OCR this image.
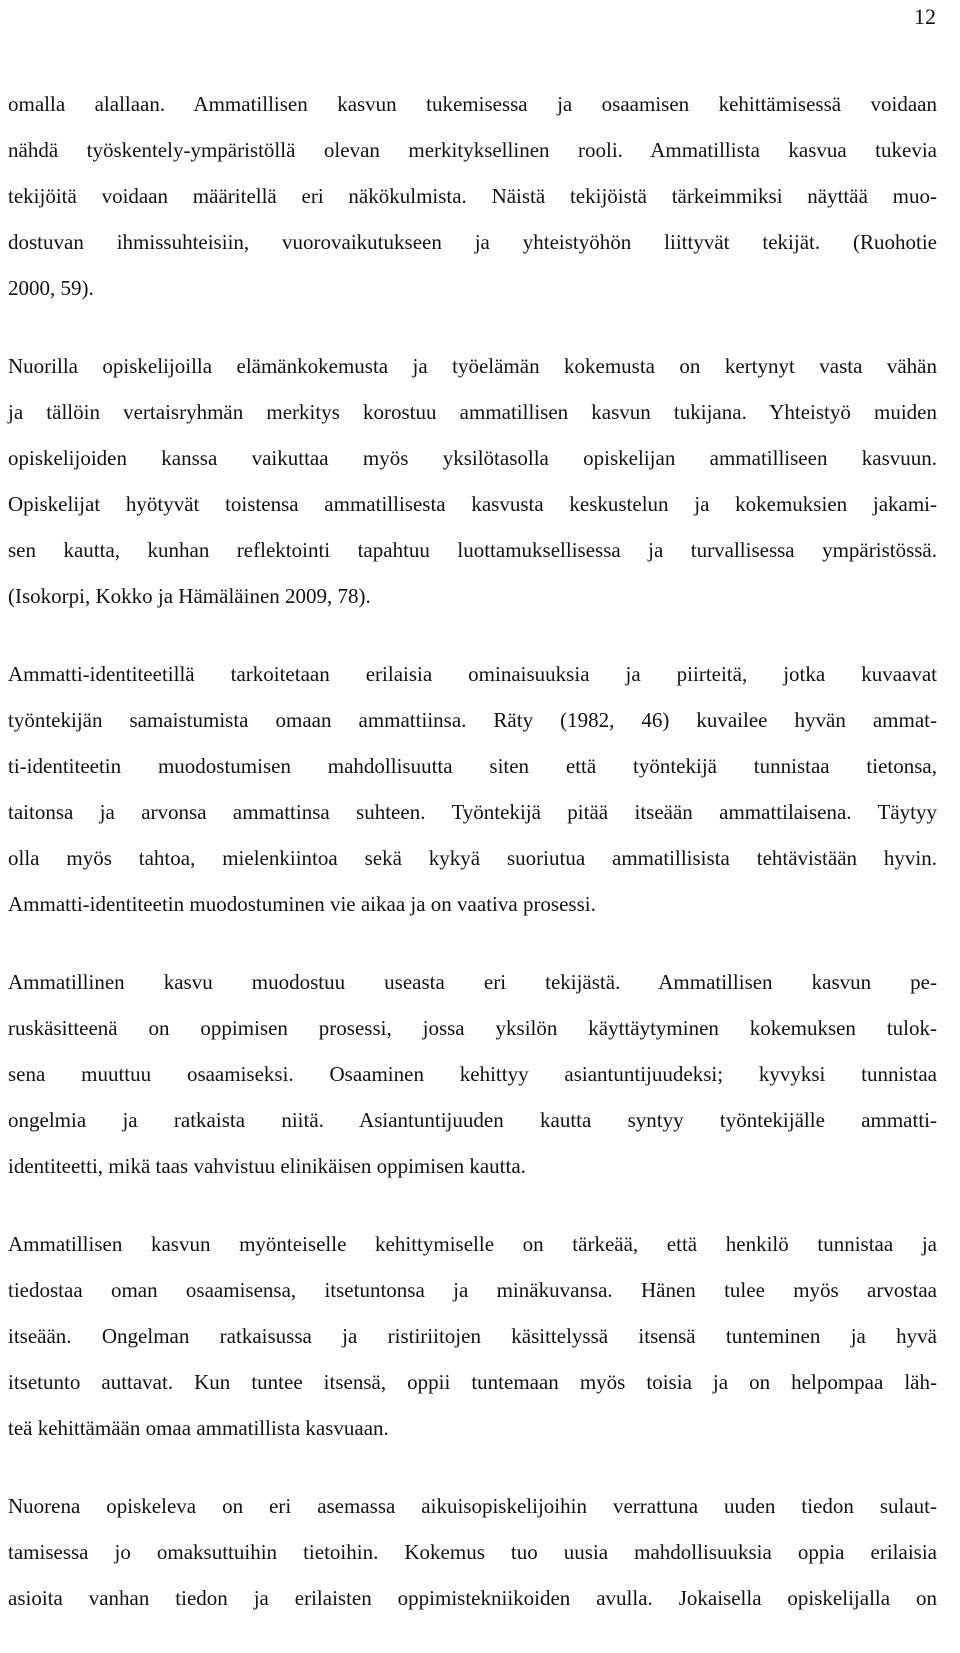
12

omalla alallaan. Ammatillisen kasvun tukemisessa ja osaamisen kehittämisessä voidaan
nähdä työskentely-ympäristöllä olevan merkityksellinen rooli. Ammatillista kasvua tukevia
tekijöitä voidaan määritellä eri näkökulmista. Näistä tekijöistä tärkeimmiksi näyttää muo-
dostuvan ihmissuhteisiin, vuorovaikutukseen ja yhteistyöhön liittyvät tekijät. (Ruohotie
2000, 59).

Nuorilla opiskelijoilla elämänkokemusta ja työelämän kokemusta on kertynyt vasta vähän
ja tällöin vertaisryhmän merkitys korostuu ammatillisen kasvun tukijana. Yhteistyö muiden
opiskelijoiden kanssa vaikuttaa myös yksilötasolla opiskelijan ammatilliseen kasvuun.
Opiskelijat hyötyvät toistensa ammatillisesta kasvusta keskustelun ja kokemuksien jakami-
sen kautta, kunhan reflektointi tapahtuu luottamuksellisessa ja turvallisessa ympäristössä.
(Isokorpi, Kokko ja Hämäläinen 2009, 78).

Ammatti-identiteetillä tarkoitetaan erilaisia ominaisuuksia ja piirteitä, jotka kuvaavat
työntekijän samaistumista omaan ammattiinsa. Räty (1982, 46) kuvailee hyvän ammat-
ti-identiteetin muodostumisen mahdollisuutta siten että työntekijä tunnistaa tietonsa,
taitonsa ja arvonsa ammattinsa suhteen. Työntekijä pitää itseään ammattilaisena. Täytyy
olla myös tahtoa, mielenkiintoa sekä kykyä suoriutua ammatillisista tehtävistään hyvin.
Ammatti-identiteetin muodostuminen vie aikaa ja on vaativa prosessi.

Ammatillinen kasvu muodostuu useasta eri tekijästä. Ammatillisen kasvun pe-
ruskäsitteenä on oppimisen prosessi, jossa yksilön käyttäytyminen kokemuksen tulok-
sena muuttuu osaamiseksi. Osaaminen kehittyy asiantuntijuudeksi; kyvyksi tunnistaa
ongelmia ja ratkaista niitä. Asiantuntijuuden kautta syntyy työntekijälle ammatti-
identiteetti, mikä taas vahvistuu elinikäisen oppimisen kautta.

Ammatillisen kasvun myönteiselle kehittymiselle on tärkeää, että henkilö tunnistaa ja
tiedostaa oman osaamisensa, itsetuntonsa ja minäkuvansa. Hänen tulee myös arvostaa
itseään. Ongelman ratkaisussa ja ristiriitojen käsittelyssä itsensä tunteminen ja hyvä
itsetunto auttavat. Kun tuntee itsensä, oppii tuntemaan myös toisia ja on helpompaa läh-
teä kehittämään omaa ammatillista kasvuaan.

Nuorena opiskeleva on eri asemassa aikuisopiskelijoihin verrattuna uuden tiedon sulaut-
tamisessa jo omaksuttuihin tietoihin. Kokemus tuo uusia mahdollisuuksia oppia erilaisia
asioita vanhan tiedon ja erilaisten oppimistekniikoiden avulla. Jokaisella opiskelijalla on
